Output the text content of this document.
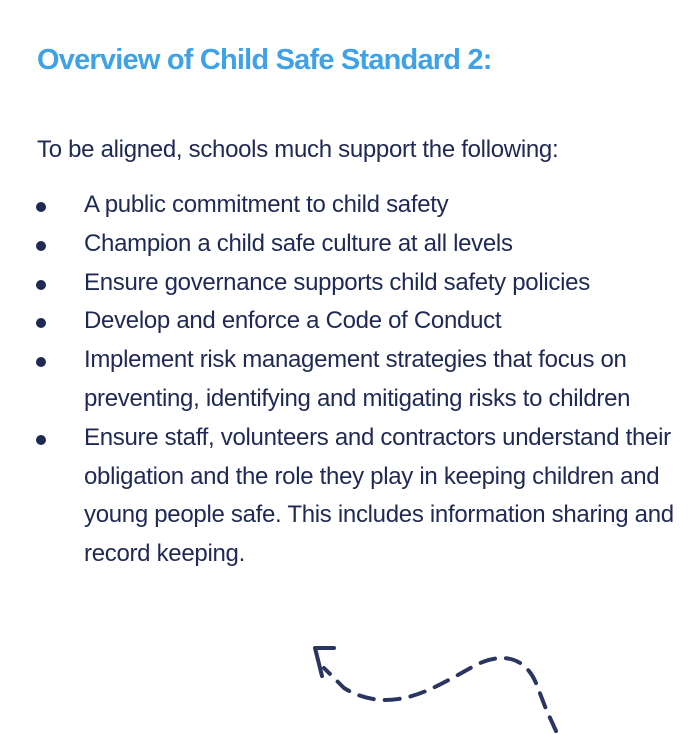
Overview of Child Safe Standard 2:

To be aligned, schools much support the following:

A public commitment to child safety
Champion a child safe culture at all levels
Ensure governance supports child safety policies
Develop and enforce a Code of Conduct
Implement risk management strategies that focus on preventing, identifying and mitigating risks to children
Ensure staff, volunteers and contractors understand their obligation and the role they play in keeping children and young people safe. This includes information sharing and record keeping.
